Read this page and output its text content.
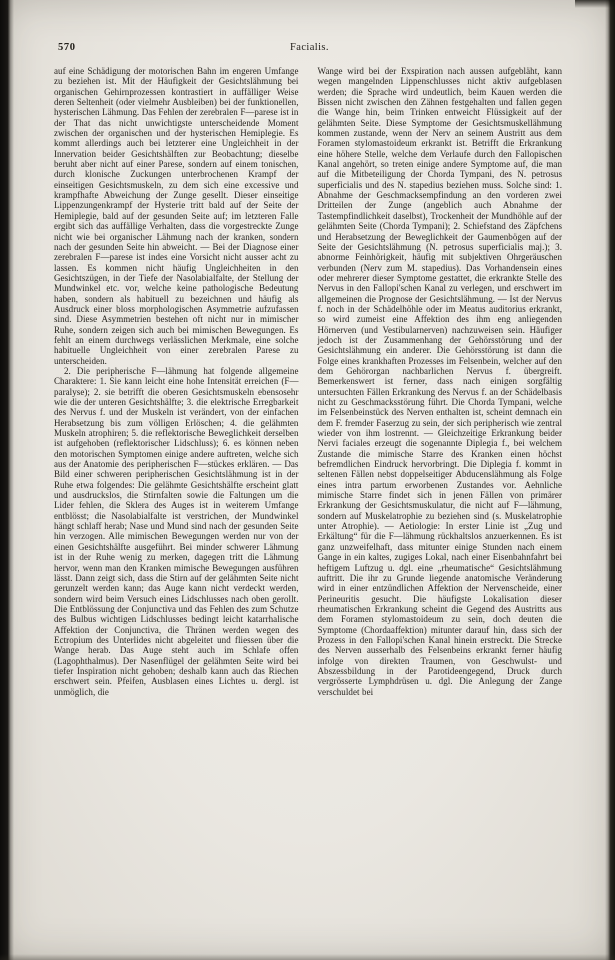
570	Facialis.

auf eine Schädigung der motorischen Bahn im engeren Umfange zu beziehen ist. Mit der Häufigkeit der Gesichtslähmung bei organischen Gehirnprozessen kontrastiert in auffälliger Weise deren Seltenheit (oder vielmehr Ausbleiben) bei der funktionellen, hysterischen Lähmung. Das Fehlen der zerebralen F—parese ist in der That das nicht unwichtigste unterscheidende Moment zwischen der organischen und der hysterischen Hemiplegie. Es kommt allerdings auch bei letzterer eine Ungleichheit in der Innervation beider Gesichtshälften zur Beobachtung; dieselbe beruht aber nicht auf einer Parese, sondern auf einem tonischen, durch klonische Zuckungen unterbrochenen Krampf der einseitigen Gesichtsmuskeln, zu dem sich eine excessive und krampfhafte Abweichung der Zunge gesellt. Dieser einseitige Lippenzungenkrampf der Hysterie tritt bald auf der Seite der Hemiplegie, bald auf der gesunden Seite auf; im letzteren Falle ergibt sich das auffällige Verhalten, dass die vorgestreckte Zunge nicht wie bei organischer Lähmung nach der kranken, sondern nach der gesunden Seite hin abweicht. — Bei der Diagnose einer zerebralen F—parese ist indes eine Vorsicht nicht ausser acht zu lassen. Es kommen nicht häufig Ungleichheiten in den Gesichtszügen, in der Tiefe der Nasolabialfalte, der Stellung der Mundwinkel etc. vor, welche keine pathologische Bedeutung haben, sondern als habituell zu bezeichnen und häufig als Ausdruck einer bloss morphologischen Asymmetrie aufzufassen sind. Diese Asymmetrien bestehen oft nicht nur in mimischer Ruhe, sondern zeigen sich auch bei mimischen Bewegungen. Es fehlt an einem durchwegs verlässlichen Merkmale, eine solche habituelle Ungleichheit von einer zerebralen Parese zu unterscheiden.

2. Die peripherische F—lähmung hat folgende allgemeine Charaktere: 1. Sie kann leicht eine hohe Intensität erreichen (F—paralyse); 2. sie betrifft die oberen Gesichtsmuskeln ebensosehr wie die der unteren Gesichtshälfte; 3. die elektrische Erregbarkeit des Nervus f. und der Muskeln ist verändert, von der einfachen Herabsetzung bis zum völligen Erlöschen; 4. die gelähmten Muskeln atrophiren; 5. die reflektorische Beweglichkeit derselben ist aufgehoben (reflektorischer Lidschluss); 6. es können neben den motorischen Symptomen einige andere auftreten, welche sich aus der Anatomie des peripherischen F—stückes erklären. — Das Bild einer schweren peripherischen Gesichtslähmung ist in der Ruhe etwa folgendes: Die gelähmte Gesichtshälfte erscheint glatt und ausdruckslos, die Stirnfalten sowie die Faltungen um die Lider fehlen, die Sklera des Auges ist in weiterem Umfange entblösst; die Nasolabialfalte ist verstrichen, der Mundwinkel hängt schlaff herab; Nase und Mund sind nach der gesunden Seite hin verzogen. Alle mimischen Bewegungen werden nur von der einen Gesichtshälfte ausgeführt. Bei minder schwerer Lähmung ist in der Ruhe wenig zu merken, dagegen tritt die Lähmung hervor, wenn man den Kranken mimische Bewegungen ausführen lässt. Dann zeigt sich, dass die Stirn auf der gelähmten Seite nicht gerunzelt werden kann; das Auge kann nicht verdeckt werden, sondern wird beim Versuch eines Lidschlusses nach oben gerollt. Die Entblössung der Conjunctiva und das Fehlen des zum Schutze des Bulbus wichtigen Lidschlusses bedingt leicht katarrhalische Affektion der Conjunctiva, die Thränen werden wegen des Ectropium des Unterlides nicht abgeleitet und fliessen über die Wange herab. Das Auge steht auch im Schlafe offen (Lagophthalmus). Der Nasenflügel der gelähmten Seite wird bei tiefer Inspiration nicht gehoben; deshalb kann auch das Riechen erschwert sein. Pfeifen, Ausblasen eines Lichtes u. dergl. ist unmöglich, die

Wange wird bei der Exspiration nach aussen aufgebläht, kann wegen mangelnden Lippenschlusses nicht aktiv aufgeblasen werden; die Sprache wird undeutlich, beim Kauen werden die Bissen nicht zwischen den Zähnen festgehalten und fallen gegen die Wange hin, beim Trinken entweicht Flüssigkeit auf der gelähmten Seite. Diese Symptome der Gesichtsmuskellähmung kommen zustande, wenn der Nerv an seinem Austritt aus dem Foramen stylomastoideum erkrankt ist. Betrifft die Erkrankung eine höhere Stelle, welche dem Verlaufe durch den Fallopischen Kanal angehört, so treten einige andere Symptome auf, die man auf die Mitbeteiligung der Chorda Tympani, des N. petrosus superficialis und des N. stapedius beziehen muss. Solche sind: 1. Abnahme der Geschmacksempfindung an den vorderen zwei Dritteilen der Zunge (angeblich auch Abnahme der Tastempfindlichkeit daselbst), Trockenheit der Mundhöhle auf der gelähmten Seite (Chorda Tympani); 2. Schiefstand des Zäpfchens und Herabsetzung der Beweglichkeit der Gaumenbögen auf der Seite der Gesichtslähmung (N. petrosus superficialis maj.); 3. abnorme Feinhörigkeit, häufig mit subjektiven Ohrgeräuschen verbunden (Nerv zum M. stapedius). Das Vorhandensein eines oder mehrerer dieser Symptome gestattet, die erkrankte Stelle des Nervus in den Fallopi'schen Kanal zu verlegen, und erschwert im allgemeinen die Prognose der Gesichtslähmung. — Ist der Nervus f. noch in der Schädelhöhle oder im Meatus auditorius erkrankt, so wird zumeist eine Affektion des ihm eng anliegenden Hörnerven (und Vestibularnerven) nachzuweisen sein. Häufiger jedoch ist der Zusammenhang der Gehörsstörung und der Gesichtslähmung ein anderer. Die Gehörsstörung ist dann die Folge eines krankhaften Prozesses im Felsenbein, welcher auf den dem Gehörorgan nachbarlichen Nervus f. übergreift. Bemerkenswert ist ferner, dass nach einigen sorgfältig untersuchten Fällen Erkrankung des Nervus f. an der Schädelbasis nicht zu Geschmacksstörung führt. Die Chorda Tympani, welche im Felsenbeinstück des Nerven enthalten ist, scheint demnach ein dem F. fremder Faserzug zu sein, der sich peripherisch wie zentral wieder von ihm lostrennt. — Gleichzeitige Erkrankung beider Nervi faciales erzeugt die sogenannte Diplegia f., bei welchem Zustande die mimische Starre des Kranken einen höchst befremdlichen Eindruck hervorbringt. Die Diplegia f. kommt in seltenen Fällen nebst doppelseitiger Abducenslähmung als Folge eines intra partum erworbenen Zustandes vor. Aehnliche mimische Starre findet sich in jenen Fällen von primärer Erkrankung der Gesichtsmuskulatur, die nicht auf F—lähmung, sondern auf Muskelatrophie zu beziehen sind (s. Muskelatrophie unter Atrophie). — Aetiologie: In erster Linie ist „Zug und Erkältung“ für die F—lähmung rückhaltslos anzuerkennen. Es ist ganz unzweifelhaft, dass mitunter einige Stunden nach einem Gange in ein kaltes, zugiges Lokal, nach einer Eisenbahnfahrt bei heftigem Luftzug u. dgl. eine „rheumatische“ Gesichtslähmung auftritt. Die ihr zu Grunde liegende anatomische Veränderung wird in einer entzündlichen Affektion der Nervenscheide, einer Perineuritis gesucht. Die häufigste Lokalisation dieser rheumatischen Erkrankung scheint die Gegend des Austritts aus dem Foramen stylomastoideum zu sein, doch deuten die Symptome (Chordaaffektion) mitunter darauf hin, dass sich der Prozess in den Fallopi'schen Kanal hinein erstreckt. Die Strecke des Nerven ausserhalb des Felsenbeins erkrankt ferner häufig infolge von direkten Traumen, von Geschwulst- und Abszessbildung in der Parotideengegend, Druck durch vergrösserte Lymphdrüsen u. dgl. Die Anlegung der Zange verschuldet bei
